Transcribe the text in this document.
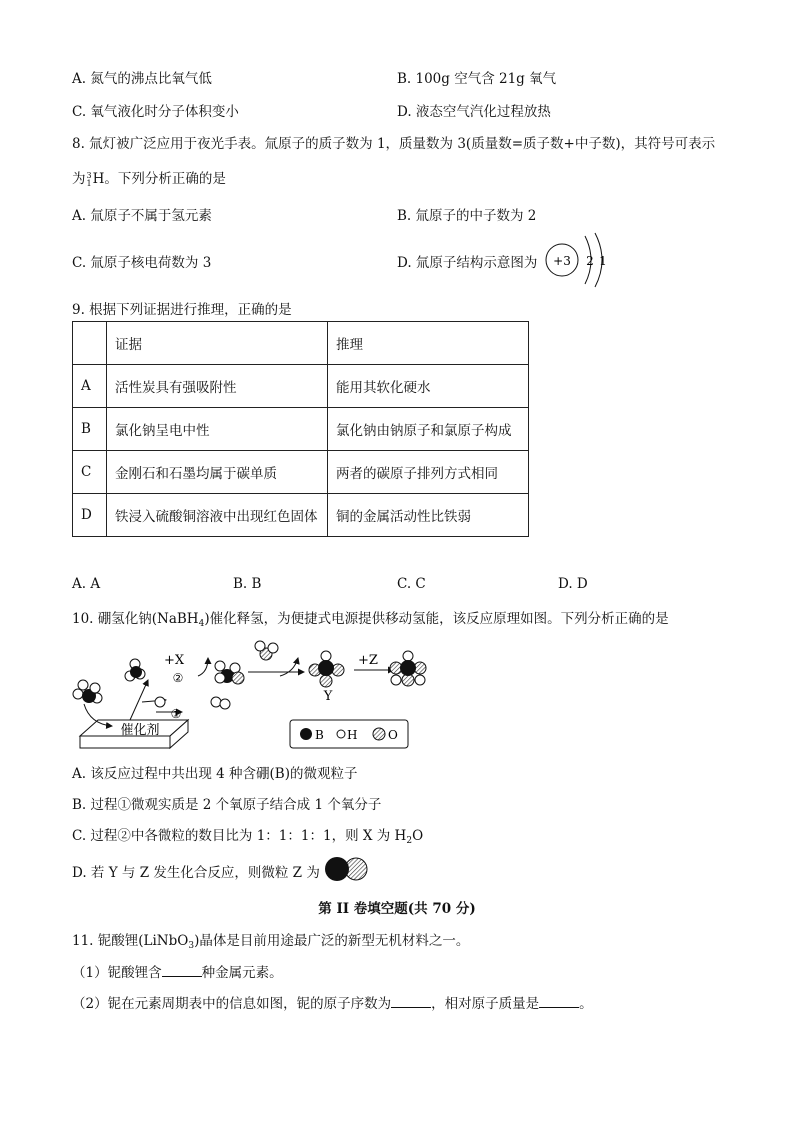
A. 氮气的沸点比氧气低	B. 100g 空气含 21g 氧气
C. 氧气液化时分子体积变小	D. 液态空气汽化过程放热
8. 氚灯被广泛应用于夜光手表。氚原子的质子数为 1，质量数为 3(质量数=质子数+中子数)，其符号可表示
为 3
1 H。下列分析正确的是
A. 氚原子不属于氢元素	B. 氚原子的中子数为 2
C. 氚原子核电荷数为 3	D. 氚原子结构示意图为 +3 2 1
9. 根据下列证据进行推理，正确的是
	证据	推理
A	活性炭具有强吸附性	能用其软化硬水
B	氯化钠呈电中性	氯化钠由钠原子和氯原子构成
C	金刚石和石墨均属于碳单质	两者的碳原子排列方式相同
D	铁浸入硫酸铜溶液中出现红色固体	铜的金属活动性比铁弱
A. A	B. B	C. C	D. D
10. 硼氢化钠(NaBH$_4$)催化释氢，为便捷式电源提供移动氢能，该反应原理如图。下列分析正确的是
催化剂
①
+X
②
Y
+Z
B H	O
A. 该反应过程中共出现 4 种含硼(B)的微观粒子
B. 过程①微观实质是 2 个氧原子结合成 1 个氧分子
C. 过程②中各微粒的数目比为 1：1：1：1，则 X 为 $H_2O$
D. 若 Y 与 Z 发生化合反应，则微粒 Z 为
第 II 卷填空题(共 70 分)
11. 铌酸锂(LiNbO$_3$)晶体是目前用途最广泛的新型无机材料之一。
（1）铌酸锂含	种金属元素。
（2）铌在元素周期表中的信息如图，铌的原子序数为	，相对原子质量是	。
